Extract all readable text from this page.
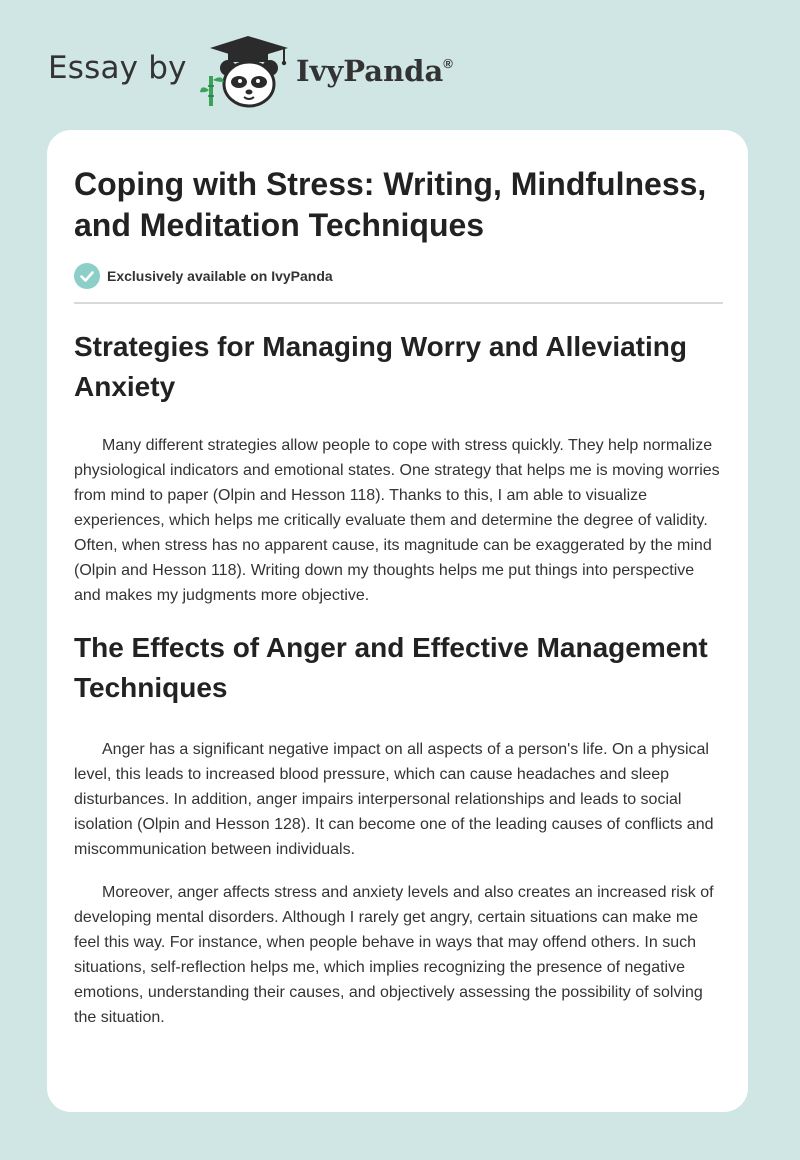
Essay by	IvyPanda®
Coping with Stress: Writing, Mindfulness, and Meditation Techniques
Exclusively available on IvyPanda
Strategies for Managing Worry and Alleviating Anxiety

Many different strategies allow people to cope with stress quickly. They help normalize physiological indicators and emotional states. One strategy that helps me is moving worries from mind to paper (Olpin and Hesson 118). Thanks to this, I am able to visualize experiences, which helps me critically evaluate them and determine the degree of validity. Often, when stress has no apparent cause, its magnitude can be exaggerated by the mind (Olpin and Hesson 118). Writing down my thoughts helps me put things into perspective and makes my judgments more objective.

The Effects of Anger and Effective Management Techniques

Anger has a significant negative impact on all aspects of a person's life. On a physical level, this leads to increased blood pressure, which can cause headaches and sleep disturbances. In addition, anger impairs interpersonal relationships and leads to social isolation (Olpin and Hesson 128). It can become one of the leading causes of conflicts and miscommunication between individuals.

Moreover, anger affects stress and anxiety levels and also creates an increased risk of developing mental disorders. Although I rarely get angry, certain situations can make me feel this way. For instance, when people behave in ways that may offend others. In such situations, self-reflection helps me, which implies recognizing the presence of negative emotions, understanding their causes, and objectively assessing the possibility of solving the situation.
